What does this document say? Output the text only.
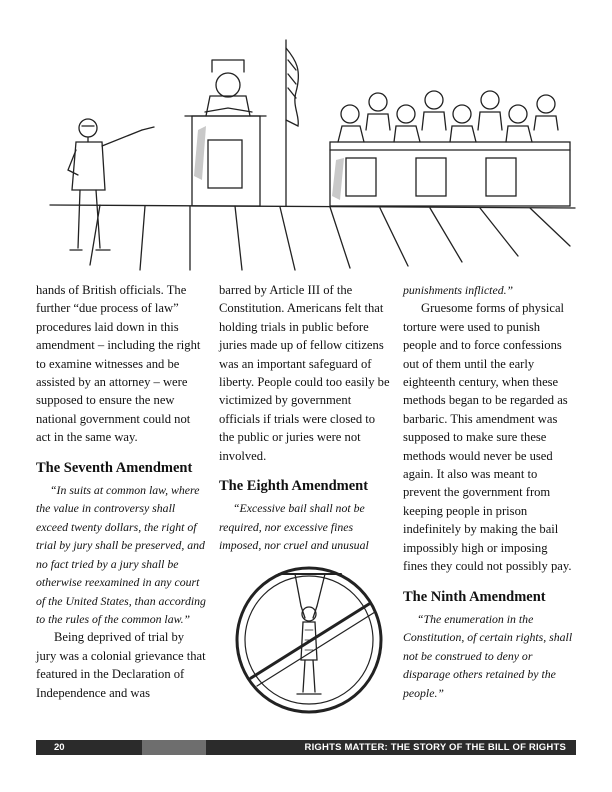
hands of British officials. The further “due process of law” procedures laid down in this amendment – including the right to examine witnesses and be assisted by an attorney – were supposed to ensure the new national government could not act in the same way.

The Seventh Amendment

“In suits at common law, where the value in controversy shall exceed twenty dollars, the right of trial by jury shall be preserved, and no fact tried by a jury shall be otherwise reexamined in any court of the United States, than according to the rules of the common law.”

Being deprived of trial by jury was a colonial grievance that featured in the Declaration of Independence and was

barred by Article III of the Constitution. Americans felt that holding trials in public before juries made up of fellow citizens was an important safeguard of liberty. People could too easily be victimized by government officials if trials were closed to the public or juries were not involved.

The Eighth Amendment

“Excessive bail shall not be required, nor excessive fines imposed, nor cruel and unusual

punishments inflicted.”

Gruesome forms of physical torture were used to punish people and to force confessions out of them until the early eighteenth century, when these methods began to be regarded as barbaric. This amendment was supposed to make sure these methods would never be used again. It also was meant to prevent the government from keeping people in prison indefinitely by making the bail impossibly high or imposing fines they could not possibly pay.

The Ninth Amendment

“The enumeration in the Constitution, of certain rights, shall not be construed to deny or disparage others retained by the people.”

20	RIGHTS MATTER: THE STORY OF THE BILL OF RIGHTS
